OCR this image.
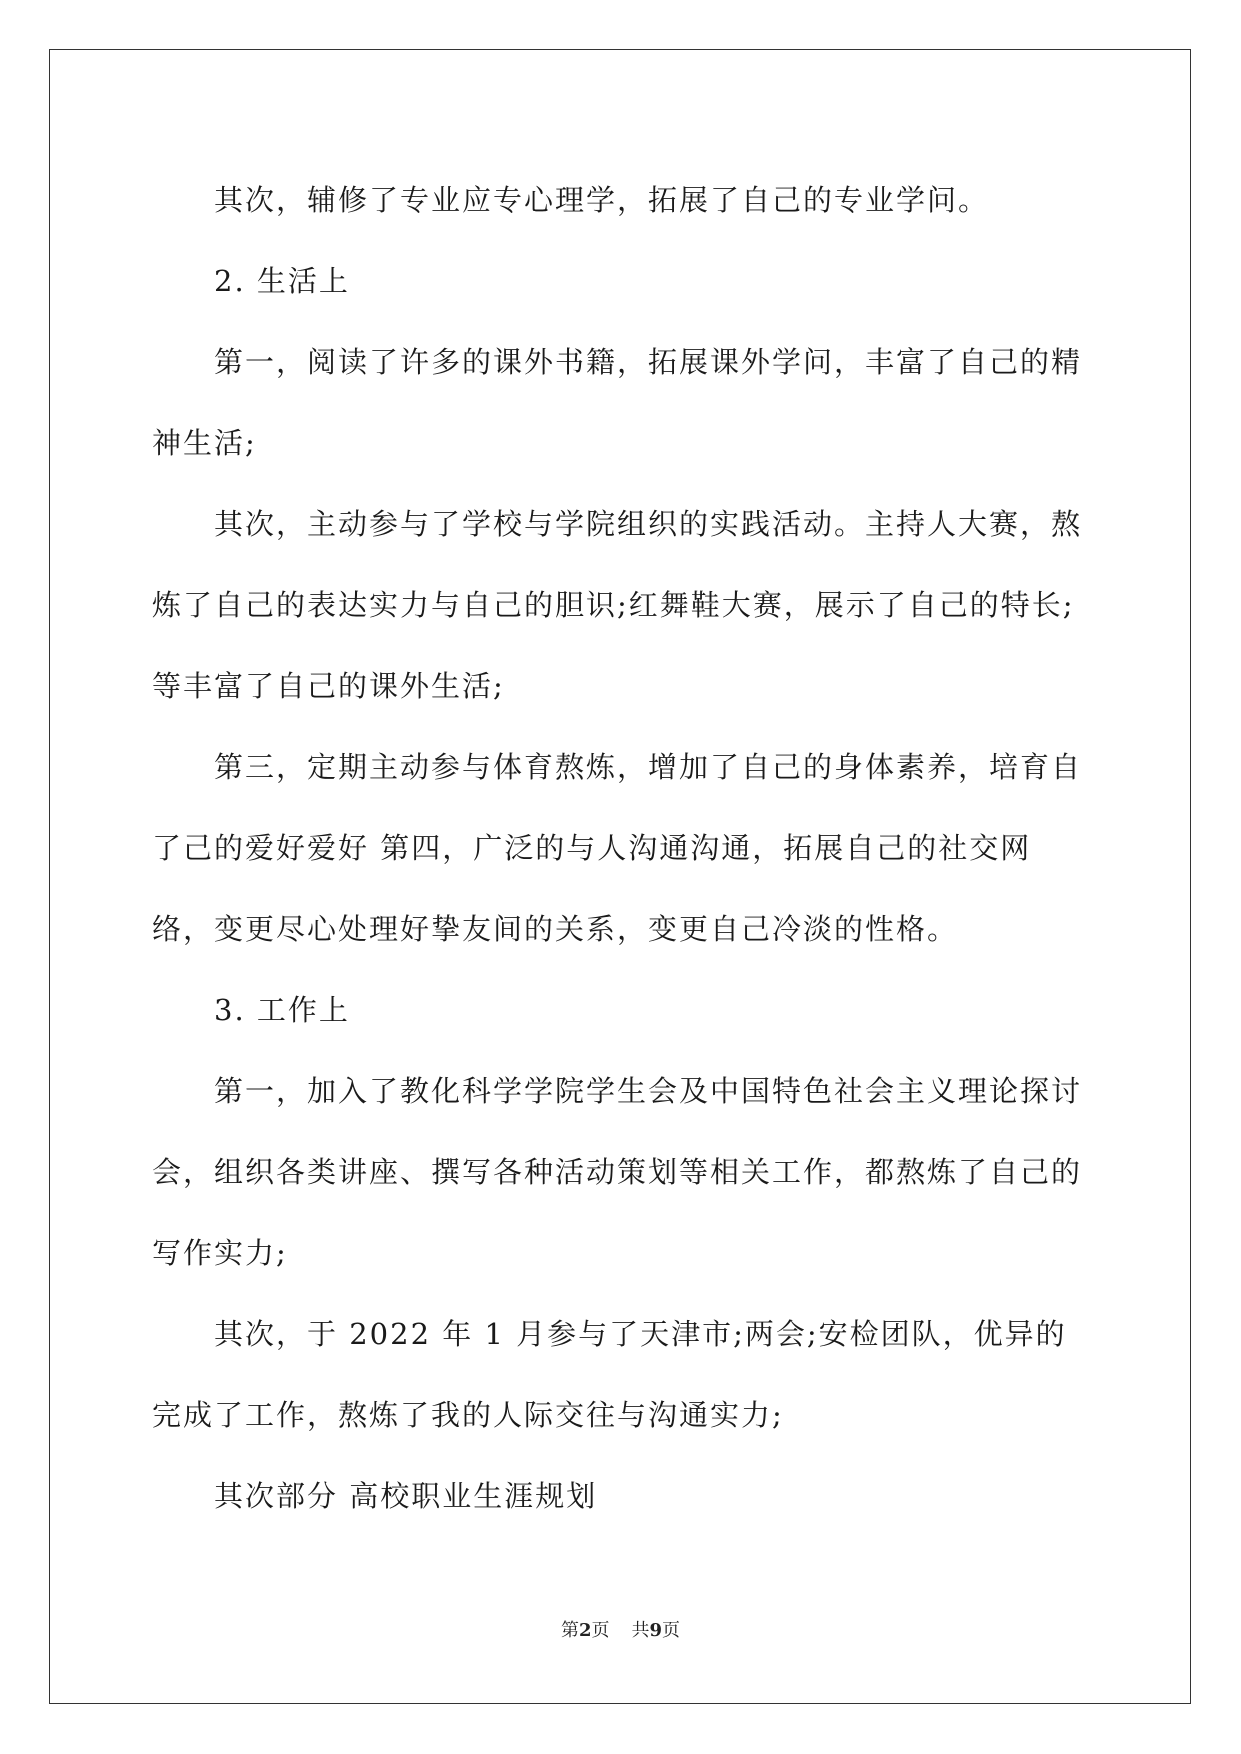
其次，辅修了专业应专心理学，拓展了自己的专业学问。

2. 生活上

第一，阅读了许多的课外书籍，拓展课外学问，丰富了自己的精神生活;

其次，主动参与了学校与学院组织的实践活动。主持人大赛，熬炼了自己的表达实力与自己的胆识;红舞鞋大赛，展示了自己的特长;等丰富了自己的课外生活;

第三，定期主动参与体育熬炼，增加了自己的身体素养，培育自了己的爱好爱好 第四，广泛的与人沟通沟通，拓展自己的社交网络，变更尽心处理好挚友间的关系，变更自己冷淡的性格。

3. 工作上

第一，加入了教化科学学院学生会及中国特色社会主义理论探讨会，组织各类讲座、撰写各种活动策划等相关工作，都熬炼了自己的写作实力;

其次，于 2022 年 1 月参与了天津市;两会;安检团队，优异的完成了工作，熬炼了我的人际交往与沟通实力;

其次部分 高校职业生涯规划

第2页 共9页
